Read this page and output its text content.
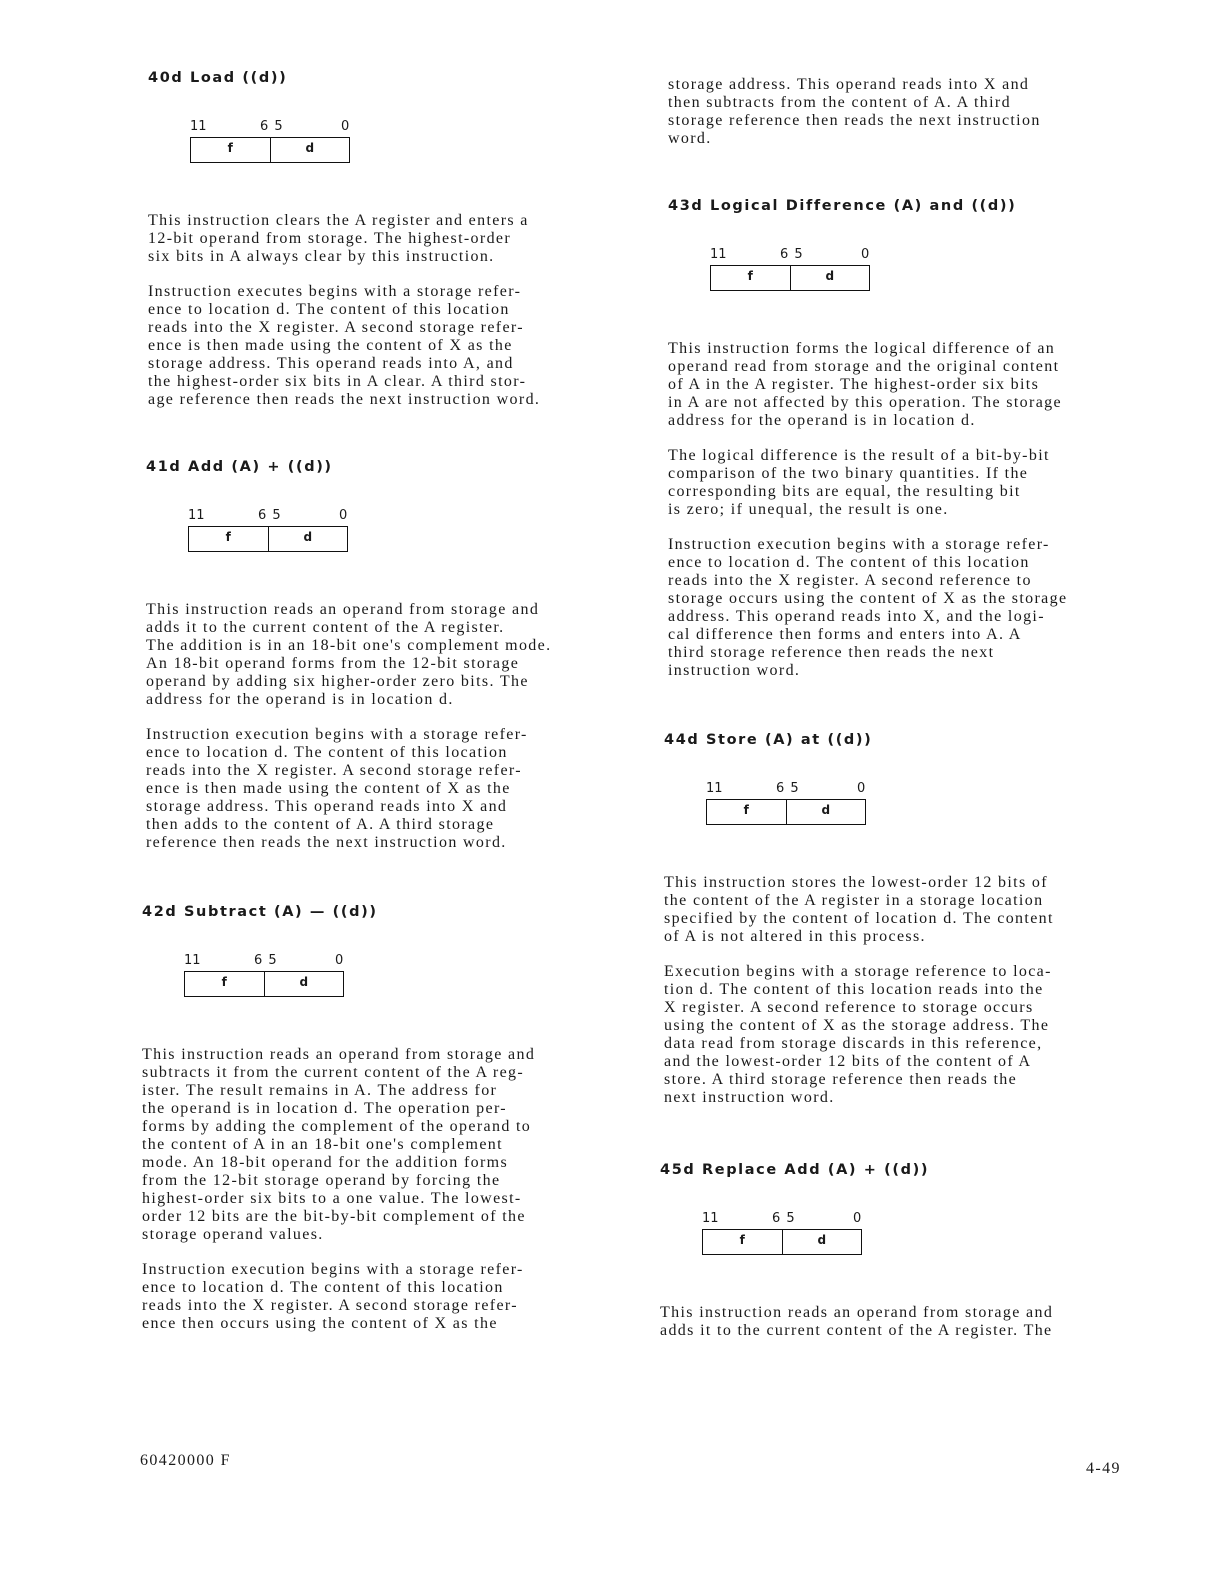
40d Load ((d))
11	6 5	0
f	d

This instruction clears the A register and enters a
12-bit operand from storage. The highest-order
six bits in A always clear by this instruction.

Instruction executes begins with a storage refer-
ence to location d. The content of this location
reads into the X register. A second storage refer-
ence is then made using the content of X as the
storage address. This operand reads into A, and
the highest-order six bits in A clear. A third stor-
age reference then reads the next instruction word.

41d Add (A) + ((d))
11	6 5	0
f	d

This instruction reads an operand from storage and
adds it to the current content of the A register.
The addition is in an 18-bit one's complement mode.
An 18-bit operand forms from the 12-bit storage
operand by adding six higher-order zero bits. The
address for the operand is in location d.

Instruction execution begins with a storage refer-
ence to location d. The content of this location
reads into the X register. A second storage refer-
ence is then made using the content of X as the
storage address. This operand reads into X and
then adds to the content of A. A third storage
reference then reads the next instruction word.

42d Subtract (A) — ((d))
11	6 5	0
f	d

This instruction reads an operand from storage and
subtracts it from the current content of the A reg-
ister. The result remains in A. The address for
the operand is in location d. The operation per-
forms by adding the complement of the operand to
the content of A in an 18-bit one's complement
mode. An 18-bit operand for the addition forms
from the 12-bit storage operand by forcing the
highest-order six bits to a one value. The lowest-
order 12 bits are the bit-by-bit complement of the
storage operand values.

Instruction execution begins with a storage refer-
ence to location d. The content of this location
reads into the X register. A second storage refer-
ence then occurs using the content of X as the

storage address. This operand reads into X and
then subtracts from the content of A. A third
storage reference then reads the next instruction
word.

43d Logical Difference (A) and ((d))
11	6 5	0
f	d

This instruction forms the logical difference of an
operand read from storage and the original content
of A in the A register. The highest-order six bits
in A are not affected by this operation. The storage
address for the operand is in location d.

The logical difference is the result of a bit-by-bit
comparison of the two binary quantities. If the
corresponding bits are equal, the resulting bit
is zero; if unequal, the result is one.

Instruction execution begins with a storage refer-
ence to location d. The content of this location
reads into the X register. A second reference to
storage occurs using the content of X as the storage
address. This operand reads into X, and the logi-
cal difference then forms and enters into A. A
third storage reference then reads the next
instruction word.

44d Store (A) at ((d))
11	6 5	0
f	d

This instruction stores the lowest-order 12 bits of
the content of the A register in a storage location
specified by the content of location d. The content
of A is not altered in this process.

Execution begins with a storage reference to loca-
tion d. The content of this location reads into the
X register. A second reference to storage occurs
using the content of X as the storage address. The
data read from storage discards in this reference,
and the lowest-order 12 bits of the content of A
store. A third storage reference then reads the
next instruction word.

45d Replace Add (A) + ((d))
11	6 5	0
f	d

This instruction reads an operand from storage and
adds it to the current content of the A register. The

60420000 F	4-49
